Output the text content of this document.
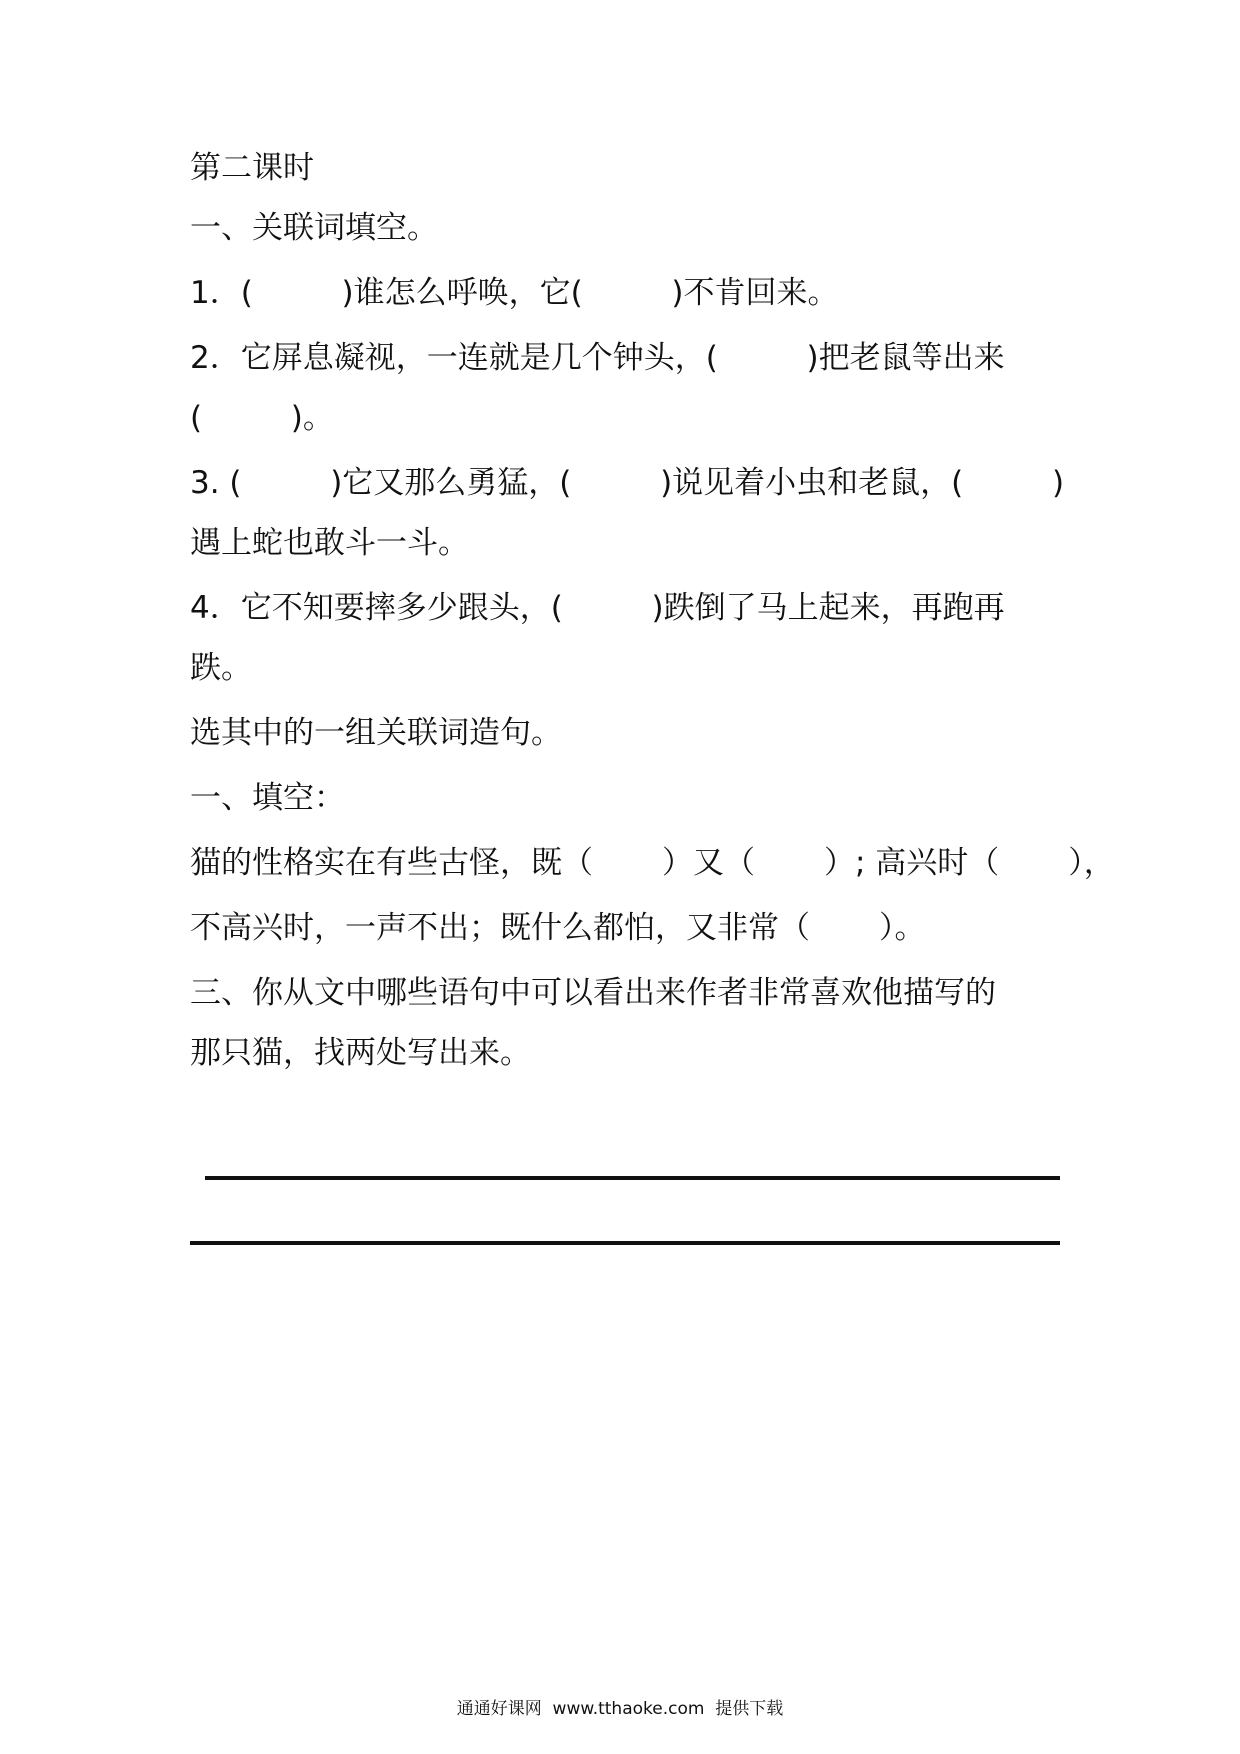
第二课时
一、关联词填空。
1．(         )谁怎么呼唤，它(         )不肯回来。
2．它屏息凝视，一连就是几个钟头，(         )把老鼠等出来
(         )。
3. (         )它又那么勇猛，(         )说见着小虫和老鼠，(         )
遇上蛇也敢斗一斗。
4．它不知要摔多少跟头，(         )跌倒了马上起来，再跑再
跌。
选其中的一组关联词造句。
一、填空：
猫的性格实在有些古怪，既（       ）又（       ）; 高兴时（       ），
不高兴时，一声不出；既什么都怕，又非常（       ）。
三、你从文中哪些语句中可以看出来作者非常喜欢他描写的
那只猫，找两处写出来。
通通好课网  www.tthaoke.com  提供下载
